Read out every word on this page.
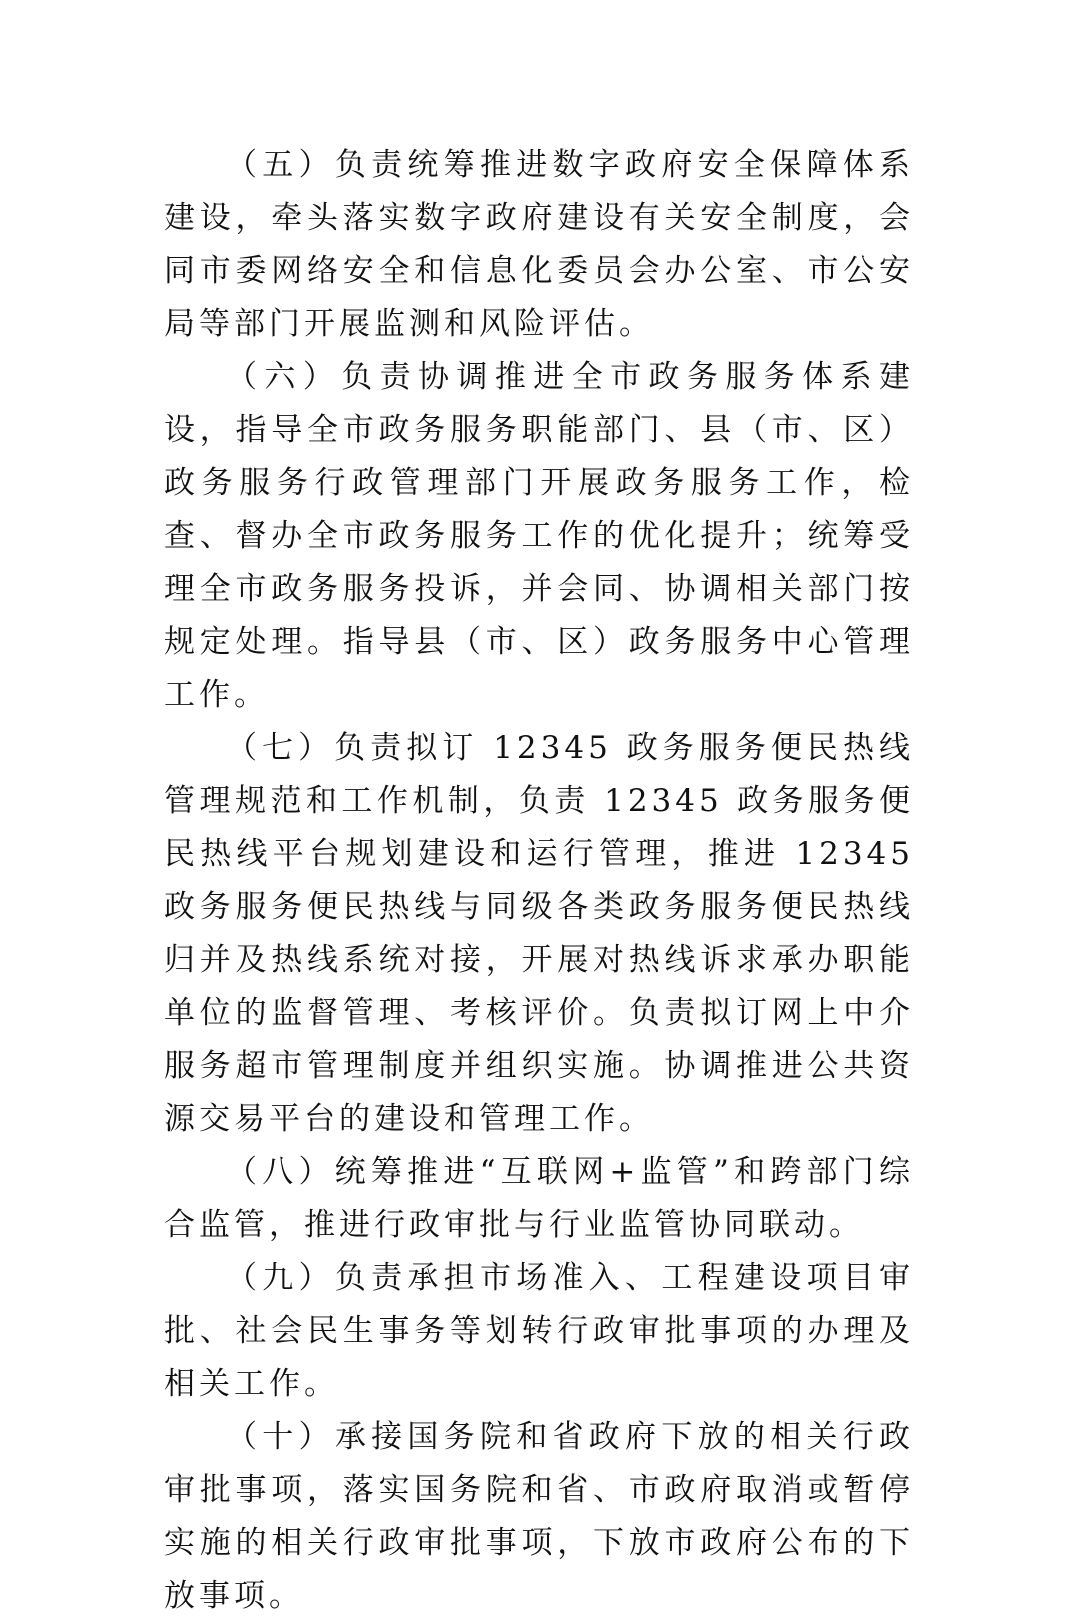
（五）负责统筹推进数字政府安全保障体系建设，牵头落实数字政府建设有关安全制度，会同市委网络安全和信息化委员会办公室、市公安局等部门开展监测和风险评估。

（六）负责协调推进全市政务服务体系建设，指导全市政务服务职能部门、县（市、区）政务服务行政管理部门开展政务服务工作，检查、督办全市政务服务工作的优化提升；统筹受理全市政务服务投诉，并会同、协调相关部门按规定处理。指导县（市、区）政务服务中心管理工作。

（七）负责拟订 12345 政务服务便民热线管理规范和工作机制，负责 12345 政务服务便民热线平台规划建设和运行管理，推进 12345 政务服务便民热线与同级各类政务服务便民热线归并及热线系统对接，开展对热线诉求承办职能单位的监督管理、考核评价。负责拟订网上中介服务超市管理制度并组织实施。协调推进公共资源交易平台的建设和管理工作。

（八）统筹推进“互联网+监管”和跨部门综合监管，推进行政审批与行业监管协同联动。

（九）负责承担市场准入、工程建设项目审批、社会民生事务等划转行政审批事项的办理及相关工作。

（十）承接国务院和省政府下放的相关行政审批事项，落实国务院和省、市政府取消或暂停实施的相关行政审批事项，下放市政府公布的下放事项。
